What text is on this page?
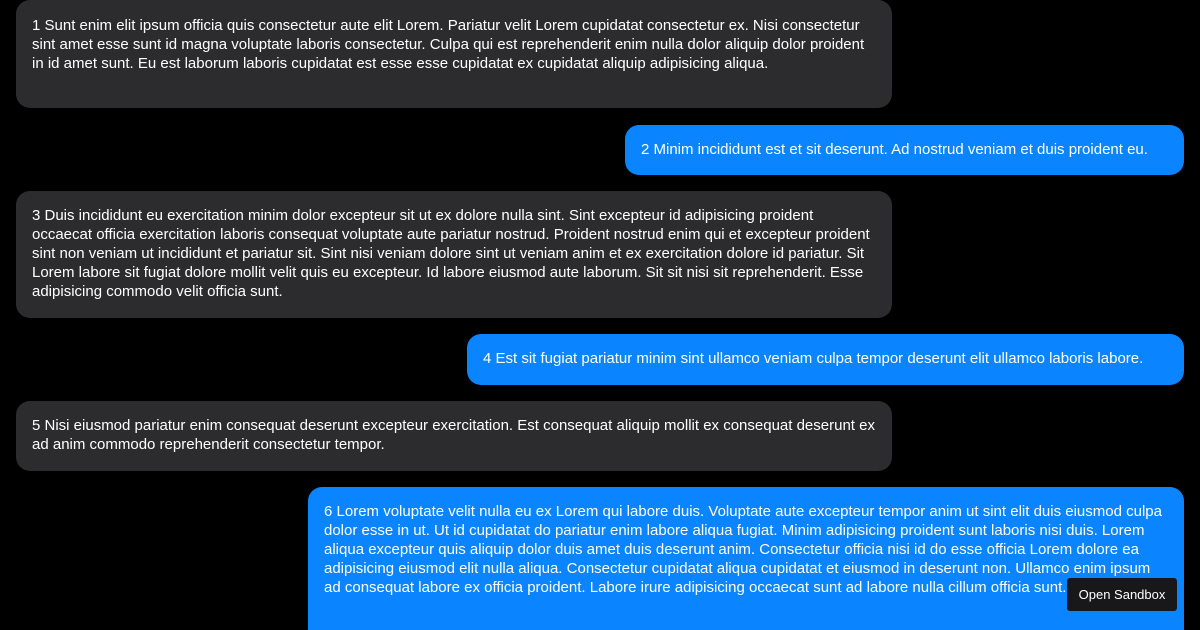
1 Sunt enim elit ipsum officia quis consectetur aute elit Lorem. Pariatur velit Lorem cupidatat consectetur ex. Nisi consectetur sint amet esse sunt id magna voluptate laboris consectetur. Culpa qui est reprehenderit enim nulla dolor aliquip dolor proident in id amet sunt. Eu est laborum laboris cupidatat est esse esse cupidatat ex cupidatat aliquip adipisicing aliqua.
2 Minim incididunt est et sit deserunt. Ad nostrud veniam et duis proident eu.
3 Duis incididunt eu exercitation minim dolor excepteur sit ut ex dolore nulla sint. Sint excepteur id adipisicing proident occaecat officia exercitation laboris consequat voluptate aute pariatur nostrud. Proident nostrud enim qui et excepteur proident sint non veniam ut incididunt et pariatur sit. Sint nisi veniam dolore sint ut veniam anim et ex exercitation dolore id pariatur. Sit Lorem labore sit fugiat dolore mollit velit quis eu excepteur. Id labore eiusmod aute laborum. Sit sit nisi sit reprehenderit. Esse adipisicing commodo velit officia sunt.
4 Est sit fugiat pariatur minim sint ullamco veniam culpa tempor deserunt elit ullamco laboris labore.
5 Nisi eiusmod pariatur enim consequat deserunt excepteur exercitation. Est consequat aliquip mollit ex consequat deserunt ex ad anim commodo reprehenderit consectetur tempor.
6 Lorem voluptate velit nulla eu ex Lorem qui labore duis. Voluptate aute excepteur tempor anim ut sint elit duis eiusmod culpa dolor esse in ut. Ut id cupidatat do pariatur enim labore aliqua fugiat. Minim adipisicing proident sunt laboris nisi duis. Lorem aliqua excepteur quis aliquip dolor duis amet duis deserunt anim. Consectetur officia nisi id do esse officia Lorem dolore ea adipisicing eiusmod elit nulla aliqua. Consectetur cupidatat aliqua cupidatat et eiusmod in deserunt non. Ullamco enim ipsum ad consequat labore ex officia proident. Labore irure adipisicing occaecat sunt ad labore nulla cillum officia sunt. Open Sandbox
